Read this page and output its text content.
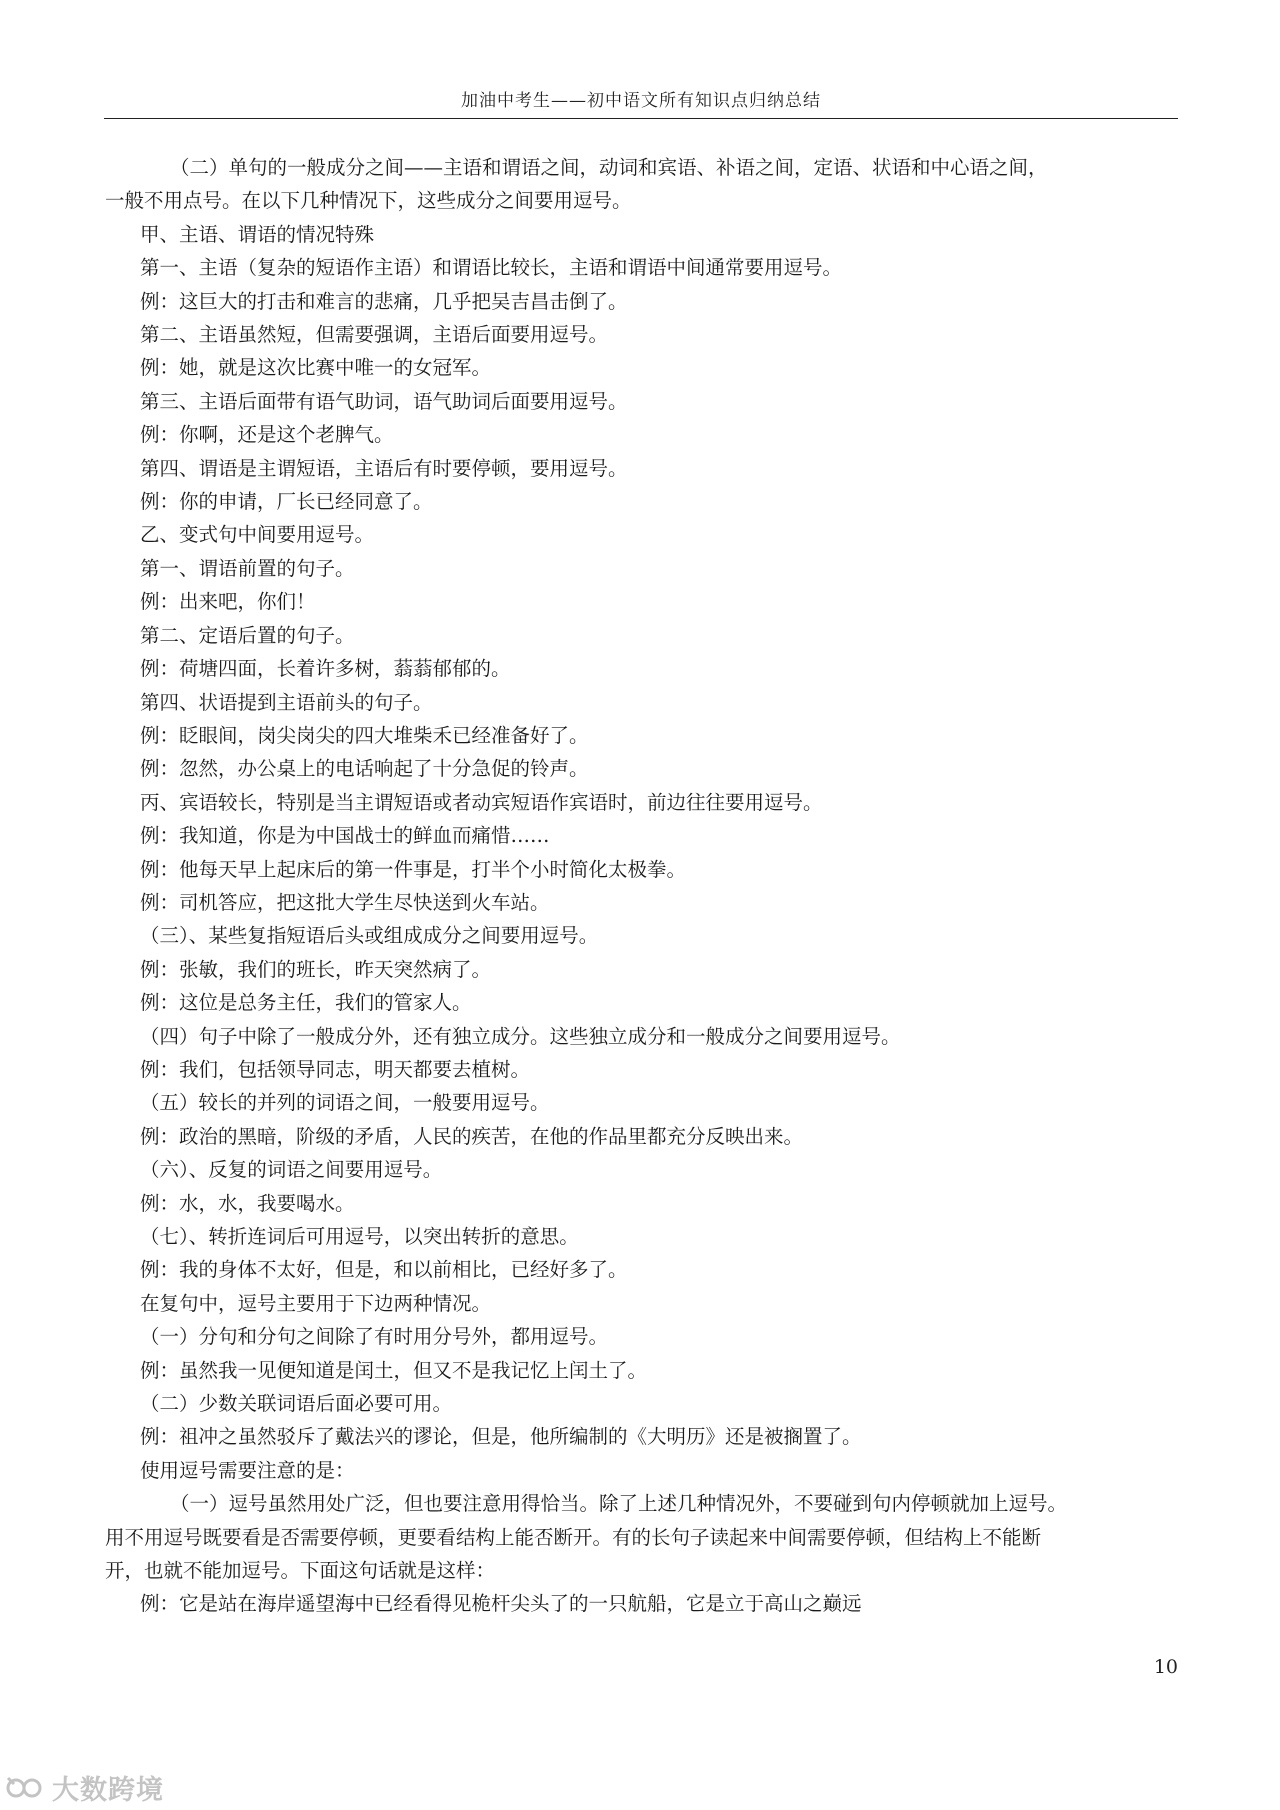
加油中考生——初中语文所有知识点归纳总结
（二）单句的一般成分之间——主语和谓语之间，动词和宾语、补语之间，定语、状语和中心语之间，
一般不用点号。在以下几种情况下，这些成分之间要用逗号。
甲、主语、谓语的情况特殊
第一、主语（复杂的短语作主语）和谓语比较长，主语和谓语中间通常要用逗号。
例：这巨大的打击和难言的悲痛，几乎把吴吉昌击倒了。
第二、主语虽然短，但需要强调，主语后面要用逗号。
例：她，就是这次比赛中唯一的女冠军。
第三、主语后面带有语气助词，语气助词后面要用逗号。
例：你啊，还是这个老脾气。
第四、谓语是主谓短语，主语后有时要停顿，要用逗号。
例：你的申请，厂长已经同意了。
乙、变式句中间要用逗号。
第一、谓语前置的句子。
例：出来吧，你们！
第二、定语后置的句子。
例：荷塘四面，长着许多树，蓊蓊郁郁的。
第四、状语提到主语前头的句子。
例：眨眼间，岗尖岗尖的四大堆柴禾已经准备好了。
例：忽然，办公桌上的电话响起了十分急促的铃声。
丙、宾语较长，特别是当主谓短语或者动宾短语作宾语时，前边往往要用逗号。
例：我知道，你是为中国战士的鲜血而痛惜……
例：他每天早上起床后的第一件事是，打半个小时简化太极拳。
例：司机答应，把这批大学生尽快送到火车站。
（三）、某些复指短语后头或组成成分之间要用逗号。
例：张敏，我们的班长，昨天突然病了。
例：这位是总务主任，我们的管家人。
（四）句子中除了一般成分外，还有独立成分。这些独立成分和一般成分之间要用逗号。
例：我们，包括领导同志，明天都要去植树。
（五）较长的并列的词语之间，一般要用逗号。
例：政治的黑暗，阶级的矛盾，人民的疾苦，在他的作品里都充分反映出来。
（六）、反复的词语之间要用逗号。
例：水，水，我要喝水。
（七）、转折连词后可用逗号，以突出转折的意思。
例：我的身体不太好，但是，和以前相比，已经好多了。
在复句中，逗号主要用于下边两种情况。
（一）分句和分句之间除了有时用分号外，都用逗号。
例：虽然我一见便知道是闰土，但又不是我记忆上闰土了。
（二）少数关联词语后面必要可用。
例：祖冲之虽然驳斥了戴法兴的谬论，但是，他所编制的《大明历》还是被搁置了。
使用逗号需要注意的是：
（一）逗号虽然用处广泛，但也要注意用得恰当。除了上述几种情况外，不要碰到句内停顿就加上逗号。
用不用逗号既要看是否需要停顿，更要看结构上能否断开。有的长句子读起来中间需要停顿，但结构上不能断
开，也就不能加逗号。下面这句话就是这样：
例：它是站在海岸遥望海中已经看得见桅杆尖头了的一只航船，它是立于高山之巅远
10
大数跨境
